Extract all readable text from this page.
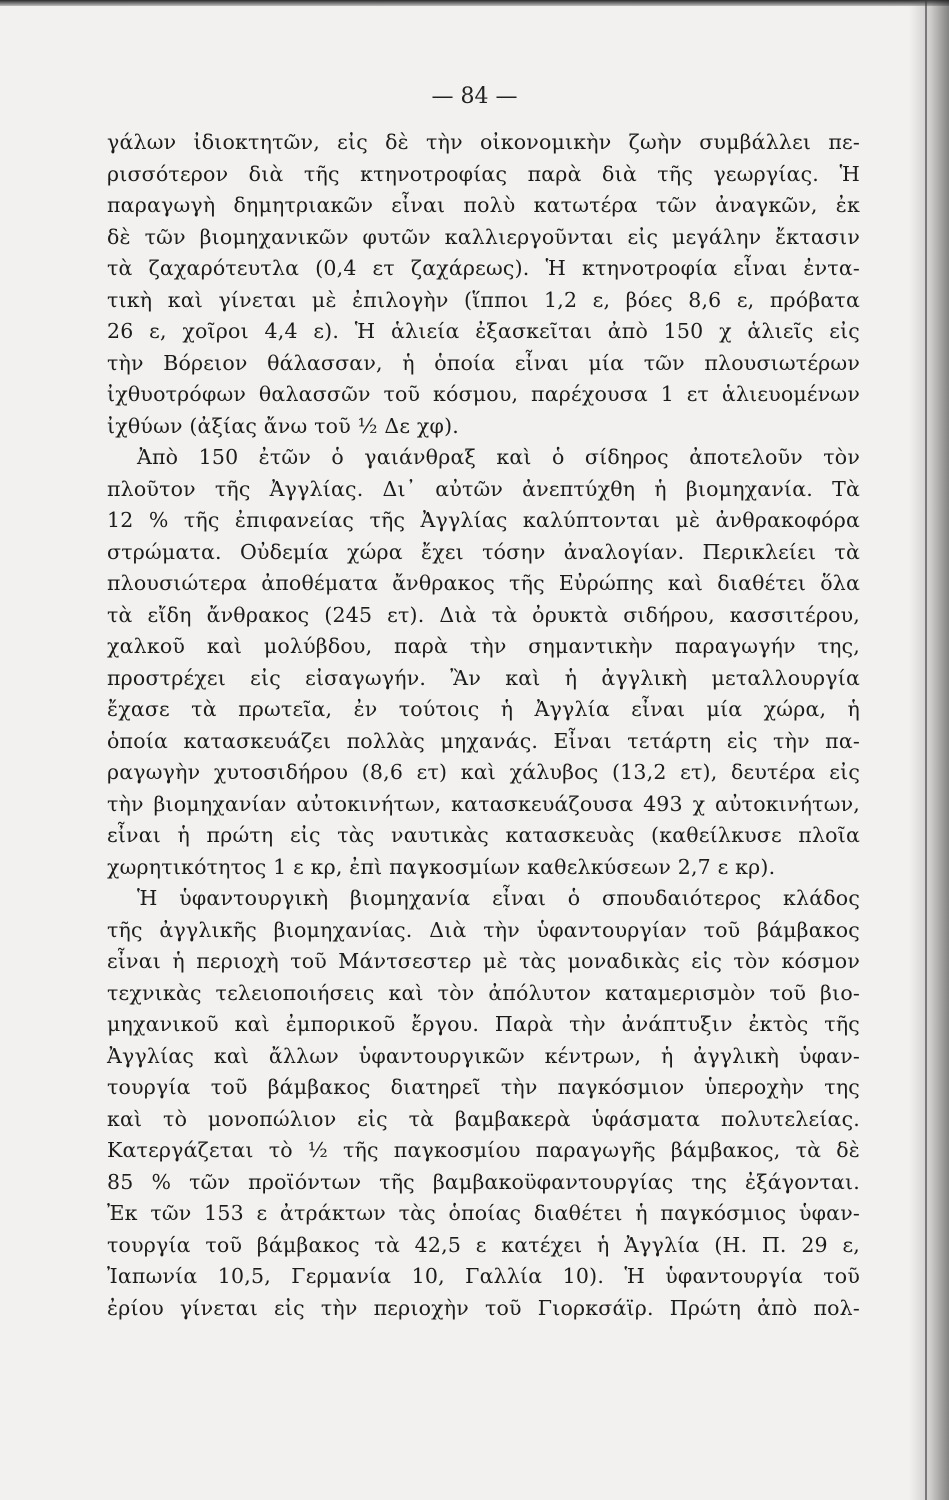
— 84 —
γάλων ἰδιοκτητῶν, εἰς δὲ τὴν οἰκονομικὴν ζωὴν συμβάλλει πε-
ρισσότερον διὰ τῆς κτηνοτροφίας παρὰ διὰ τῆς γεωργίας. Ἡ
παραγωγὴ δημητριακῶν εἶναι πολὺ κατωτέρα τῶν ἀναγκῶν, ἐκ
δὲ τῶν βιομηχανικῶν φυτῶν καλλιεργοῦνται εἰς μεγάλην ἔκτασιν
τὰ ζαχαρότευτλα (0,4 ετ ζαχάρεως). Ἡ κτηνοτροφία εἶναι ἐντα-
τικὴ καὶ γίνεται μὲ ἐπιλογὴν (ἵπποι 1,2 ε, βόες 8,6 ε, πρόβατα
26 ε, χοῖροι 4,4 ε). Ἡ ἁλιεία ἐξασκεῖται ἀπὸ 150 χ ἁλιεῖς εἰς
τὴν Βόρειον θάλασσαν, ἡ ὁποία εἶναι μία τῶν πλουσιωτέρων
ἰχθυοτρόφων θαλασσῶν τοῦ κόσμου, παρέχουσα 1 ετ ἁλιευομένων
ἰχθύων (ἀξίας ἄνω τοῦ ½ Δε χφ).
Ἀπὸ 150 ἐτῶν ὁ γαιάνθραξ καὶ ὁ σίδηρος ἀποτελοῦν τὸν
πλοῦτον τῆς Ἀγγλίας. Δι᾽ αὐτῶν ἀνεπτύχθη ἡ βιομηχανία. Τὰ
12 % τῆς ἐπιφανείας τῆς Ἀγγλίας καλύπτονται μὲ ἀνθρακοφόρα
στρώματα. Οὐδεμία χώρα ἔχει τόσην ἀναλογίαν. Περικλείει τὰ
πλουσιώτερα ἀποθέματα ἄνθρακος τῆς Εὐρώπης καὶ διαθέτει ὅλα
τὰ εἴδη ἄνθρακος (245 ετ). Διὰ τὰ ὀρυκτὰ σιδήρου, κασσιτέρου,
χαλκοῦ καὶ μολύβδου, παρὰ τὴν σημαντικὴν παραγωγήν της,
προστρέχει εἰς εἰσαγωγήν. Ἂν καὶ ἡ ἀγγλικὴ μεταλλουργία
ἔχασε τὰ πρωτεῖα, ἐν τούτοις ἡ Ἀγγλία εἶναι μία χώρα, ἡ
ὁποία κατασκευάζει πολλὰς μηχανάς. Εἶναι τετάρτη εἰς τὴν πα-
ραγωγὴν χυτοσιδήρου (8,6 ετ) καὶ χάλυβος (13,2 ετ), δευτέρα εἰς
τὴν βιομηχανίαν αὐτοκινήτων, κατασκευάζουσα 493 χ αὐτοκινήτων,
εἶναι ἡ πρώτη εἰς τὰς ναυτικὰς κατασκευὰς (καθείλκυσε πλοῖα
χωρητικότητος 1 ε κρ, ἐπὶ παγκοσμίων καθελκύσεων 2,7 ε κρ).
Ἡ ὑφαντουργικὴ βιομηχανία εἶναι ὁ σπουδαιότερος κλάδος
τῆς ἀγγλικῆς βιομηχανίας. Διὰ τὴν ὑφαντουργίαν τοῦ βάμβακος
εἶναι ἡ περιοχὴ τοῦ Μάντσεστερ μὲ τὰς μοναδικὰς εἰς τὸν κόσμον
τεχνικὰς τελειοποιήσεις καὶ τὸν ἀπόλυτον καταμερισμὸν τοῦ βιο-
μηχανικοῦ καὶ ἐμπορικοῦ ἔργου. Παρὰ τὴν ἀνάπτυξιν ἐκτὸς τῆς
Ἀγγλίας καὶ ἄλλων ὑφαντουργικῶν κέντρων, ἡ ἀγγλικὴ ὑφαν-
τουργία τοῦ βάμβακος διατηρεῖ τὴν παγκόσμιον ὑπεροχὴν της
καὶ τὸ μονοπώλιον εἰς τὰ βαμβακερὰ ὑφάσματα πολυτελείας.
Κατεργάζεται τὸ ½ τῆς παγκοσμίου παραγωγῆς βάμβακος, τὰ δὲ
85 % τῶν προϊόντων τῆς βαμβακοϋφαντουργίας της ἐξάγονται.
Ἐκ τῶν 153 ε ἀτράκτων τὰς ὁποίας διαθέτει ἡ παγκόσμιος ὑφαν-
τουργία τοῦ βάμβακος τὰ 42,5 ε κατέχει ἡ Ἀγγλία (Η. Π. 29 ε,
Ἰαπωνία 10,5, Γερμανία 10, Γαλλία 10). Ἡ ὑφαντουργία τοῦ
ἐρίου γίνεται εἰς τὴν περιοχὴν τοῦ Γιορκσάϊρ. Πρώτη ἀπὸ πολ-
